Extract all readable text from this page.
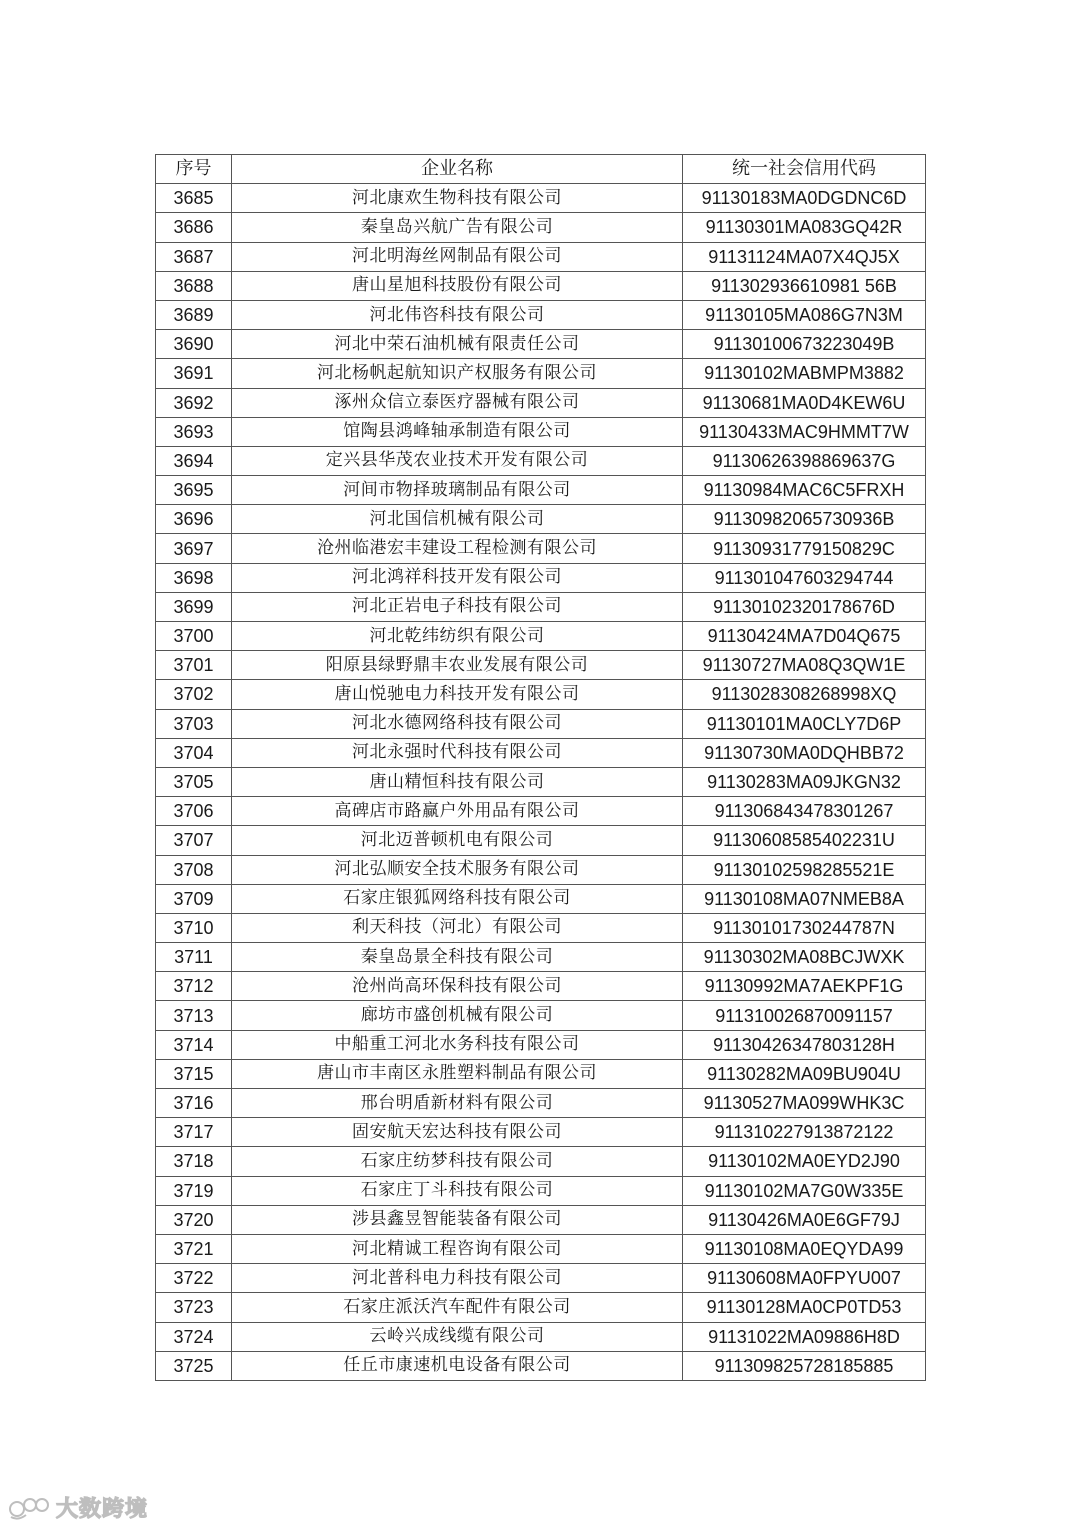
序号	企业名称	统一社会信用代码
3685	河北康欢生物科技有限公司	91130183MA0DGDNC6D
3686	秦皇岛兴航广告有限公司	91130301MA083GQ42R
3687	河北明海丝网制品有限公司	91131124MA07X4QJ5X
3688	唐山星旭科技股份有限公司	911302936610981 56B
3689	河北伟咨科技有限公司	91130105MA086G7N3M
3690	河北中荣石油机械有限责任公司	91130100673223049B
3691	河北杨帆起航知识产权服务有限公司	91130102MABMPM3882
3692	涿州众信立泰医疗器械有限公司	91130681MA0D4KEW6U
3693	馆陶县鸿峰轴承制造有限公司	91130433MAC9HMMT7W
3694	定兴县华茂农业技术开发有限公司	91130626398869637G
3695	河间市物择玻璃制品有限公司	91130984MAC6C5FRXH
3696	河北国信机械有限公司	91130982065730936B
3697	沧州临港宏丰建设工程检测有限公司	91130931779150829C
3698	河北鸿祥科技开发有限公司	911301047603294744
3699	河北正岩电子科技有限公司	91130102320178676D
3700	河北乾纬纺织有限公司	91130424MA7D04Q675
3701	阳原县绿野鼎丰农业发展有限公司	91130727MA08Q3QW1E
3702	唐山悦驰电力科技开发有限公司	9113028308268998XQ
3703	河北水德网络科技有限公司	91130101MA0CLY7D6P
3704	河北永强时代科技有限公司	91130730MA0DQHBB72
3705	唐山精恒科技有限公司	91130283MA09JKGN32
3706	高碑店市路赢户外用品有限公司	911306843478301267
3707	河北迈普顿机电有限公司	91130608585402231U
3708	河北弘顺安全技术服务有限公司	91130102598285521E
3709	石家庄银狐网络科技有限公司	91130108MA07NMEB8A
3710	利天科技（河北）有限公司	91130101730244787N
3711	秦皇岛景全科技有限公司	91130302MA08BCJWXK
3712	沧州尚高环保科技有限公司	91130992MA7AEKPF1G
3713	廊坊市盛创机械有限公司	911310026870091157
3714	中船重工河北水务科技有限公司	91130426347803128H
3715	唐山市丰南区永胜塑料制品有限公司	91130282MA09BU904U
3716	邢台明盾新材料有限公司	91130527MA099WHK3C
3717	固安航天宏达科技有限公司	911310227913872122
3718	石家庄纺梦科技有限公司	91130102MA0EYD2J90
3719	石家庄丁斗科技有限公司	91130102MA7G0W335E
3720	涉县鑫昱智能装备有限公司	91130426MA0E6GF79J
3721	河北精诚工程咨询有限公司	91130108MA0EQYDA99
3722	河北普科电力科技有限公司	91130608MA0FPYU007
3723	石家庄派沃汽车配件有限公司	91130128MA0CP0TD53
3724	云岭兴成线缆有限公司	91131022MA09886H8D
3725	任丘市康速机电设备有限公司	911309825728185885
大数跨境
